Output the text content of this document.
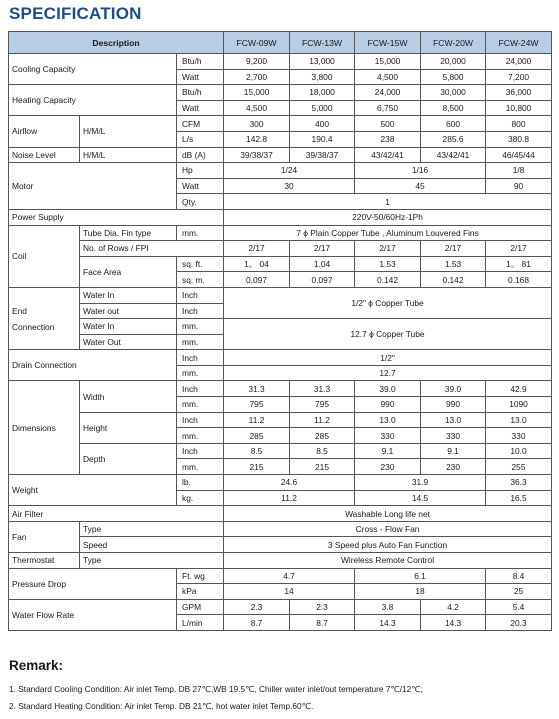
SPECIFICATION
Description			FCW-09W	FCW-13W	FCW-15W	FCW-20W	FCW-24W
Cooling Capacity		Btu/h	9,200	13,000	15,000	20,000	24,000
		Watt	2,700	3,800	4,500	5,800	7,200
Heating Capacity		Btu/h	15,000	18,000	24,000	30,000	36,000
		Watt	4,500	5,000	6,750	8,500	10,800
Airflow	H/M/L	CFM	300	400	500	600	800
		L/s	142.8	190.4	238	285.6	380.8
Noise Level	H/M/L	dB (A)	39/38/37	39/38/37	43/42/41	43/42/41	46/45/44
Motor		Hp	1/24		1/16		1/8
		Watt	30		45		90
		Qty.	1				
Power Supply			220V-50/60Hz-1Ph				
Coil	Tube Dia. Fin type	mm.	7 ϕ Plain Copper Tube , Aluminum Louvered Fins				
	No. of Rows / FPI		2/17	2/17	2/17	2/17	2/17
	Face Area	sq. ft.	1。 04	1.04	1.53	1.53	1。 81
		sq. m.	0.097	0.097	0.142	0.142	0.168
End
Connection	Water In	Inch	1/2" ϕ Copper Tube				
	Water out	Inch					
	Water In	mm.	12.7 ϕ Copper Tube				
	Water Out	mm.					
Drain Connection		Inch	1/2"				
		mm.	12.7				
Dimensions	Width	Inch	31.3	31.3	39.0	39.0	42.9
		mm.	795	795	990	990	1090
	Height	Inch	11.2	11.2	13.0	13.0	13.0
		mm.	285	285	330	330	330
	Depth	Inch	8.5	8.5	9.1	9.1	10.0
		mm.	215	215	230	230	255
Weight		lb.	24.6		31.9		36.3
		kg.	11.2		14.5		16.5
Air Filter			Washable Long life net				
Fan	Type		Cross - Flow Fan				
	Speed		3 Speed plus Auto Fan Function				
Thermostat	Type		Wireless Remote Control				
Pressure Drop		Ft. wg	4.7		6.1		8.4
		kPa	14		18		25
Water Flow Rate		GPM	2.3	2.3	3.8	4.2	5.4
		L/min	8.7	8.7	14.3	14.3	20.3
Remark:
1. Standard Cooling Condition: Air inlet Temp. DB 27℃,WB 19.5℃, Chiller water inlet/out temperature 7℃/12℃;
2. Standard Heating Condition: Air inlet Temp. DB 21℃, hot water inlet Temp.60℃.
